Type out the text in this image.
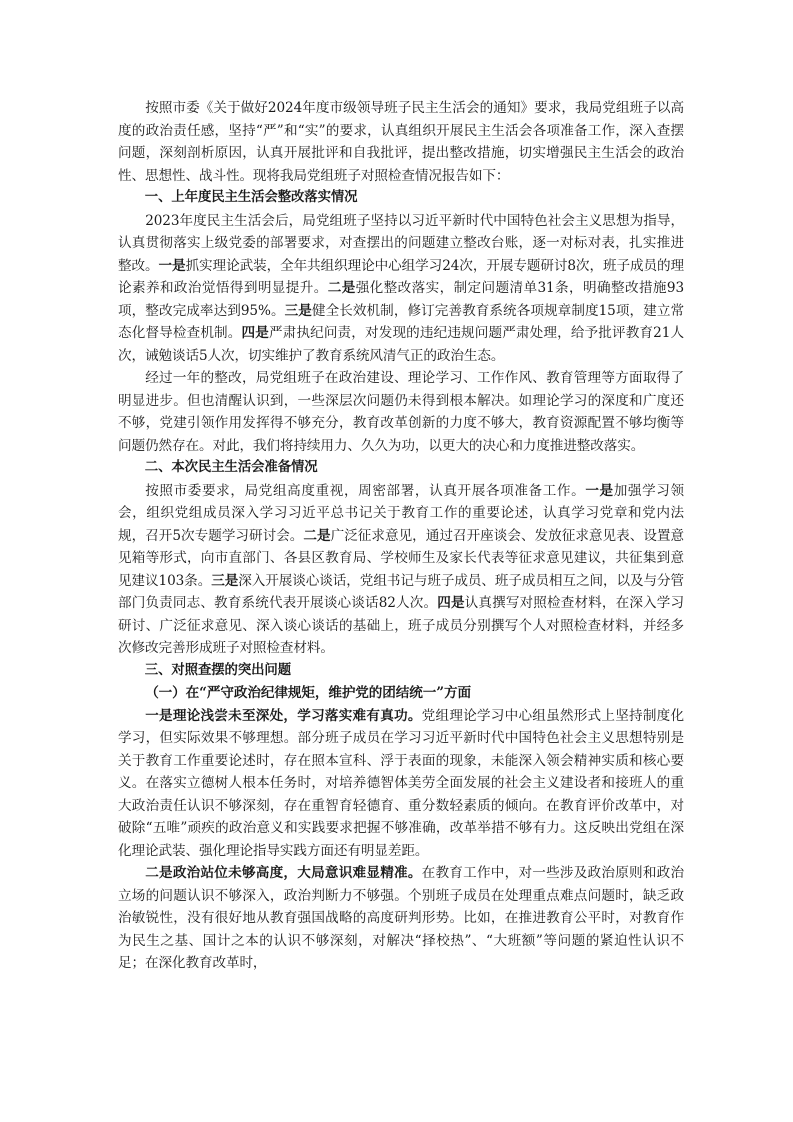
按照市委《关于做好2024年度市级领导班子民主生活会的通知》要求，我局党组班子以高度的政治责任感，坚持“严”和“实”的要求，认真组织开展民主生活会各项准备工作，深入查摆问题，深刻剖析原因，认真开展批评和自我批评，提出整改措施，切实增强民主生活会的政治性、思想性、战斗性。现将我局党组班子对照检查情况报告如下：

一、上年度民主生活会整改落实情况

2023年度民主生活会后，局党组班子坚持以习近平新时代中国特色社会主义思想为指导，认真贯彻落实上级党委的部署要求，对查摆出的问题建立整改台账，逐一对标对表，扎实推进整改。一是抓实理论武装，全年共组织理论中心组学习24次，开展专题研讨8次，班子成员的理论素养和政治觉悟得到明显提升。二是强化整改落实，制定问题清单31条，明确整改措施93项，整改完成率达到95%。三是健全长效机制，修订完善教育系统各项规章制度15项，建立常态化督导检查机制。四是严肃执纪问责，对发现的违纪违规问题严肃处理，给予批评教育21人次，诫勉谈话5人次，切实维护了教育系统风清气正的政治生态。

经过一年的整改，局党组班子在政治建设、理论学习、工作作风、教育管理等方面取得了明显进步。但也清醒认识到，一些深层次问题仍未得到根本解决。如理论学习的深度和广度还不够，党建引领作用发挥得不够充分，教育改革创新的力度不够大，教育资源配置不够均衡等问题仍然存在。对此，我们将持续用力、久久为功，以更大的决心和力度推进整改落实。

二、本次民主生活会准备情况

按照市委要求，局党组高度重视，周密部署，认真开展各项准备工作。一是加强学习领会，组织党组成员深入学习习近平总书记关于教育工作的重要论述，认真学习党章和党内法规，召开5次专题学习研讨会。二是广泛征求意见，通过召开座谈会、发放征求意见表、设置意见箱等形式，向市直部门、各县区教育局、学校师生及家长代表等征求意见建议，共征集到意见建议103条。三是深入开展谈心谈话，党组书记与班子成员、班子成员相互之间，以及与分管部门负责同志、教育系统代表开展谈心谈话82人次。四是认真撰写对照检查材料，在深入学习研讨、广泛征求意见、深入谈心谈话的基础上，班子成员分别撰写个人对照检查材料，并经多次修改完善形成班子对照检查材料。

三、对照查摆的突出问题

（一）在“严守政治纪律规矩，维护党的团结统一”方面

一是理论浅尝未至深处，学习落实难有真功。党组理论学习中心组虽然形式上坚持制度化学习，但实际效果不够理想。部分班子成员在学习习近平新时代中国特色社会主义思想特别是关于教育工作重要论述时，存在照本宣科、浮于表面的现象，未能深入领会精神实质和核心要义。在落实立德树人根本任务时，对培养德智体美劳全面发展的社会主义建设者和接班人的重大政治责任认识不够深刻，存在重智育轻德育、重分数轻素质的倾向。在教育评价改革中，对破除“五唯”顽疾的政治意义和实践要求把握不够准确，改革举措不够有力。这反映出党组在深化理论武装、强化理论指导实践方面还有明显差距。

二是政治站位未够高度，大局意识难显精准。在教育工作中，对一些涉及政治原则和政治立场的问题认识不够深入，政治判断力不够强。个别班子成员在处理重点难点问题时，缺乏政治敏锐性，没有很好地从教育强国战略的高度研判形势。比如，在推进教育公平时，对教育作为民生之基、国计之本的认识不够深刻，对解决“择校热”、“大班额”等问题的紧迫性认识不足；在深化教育改革时，
